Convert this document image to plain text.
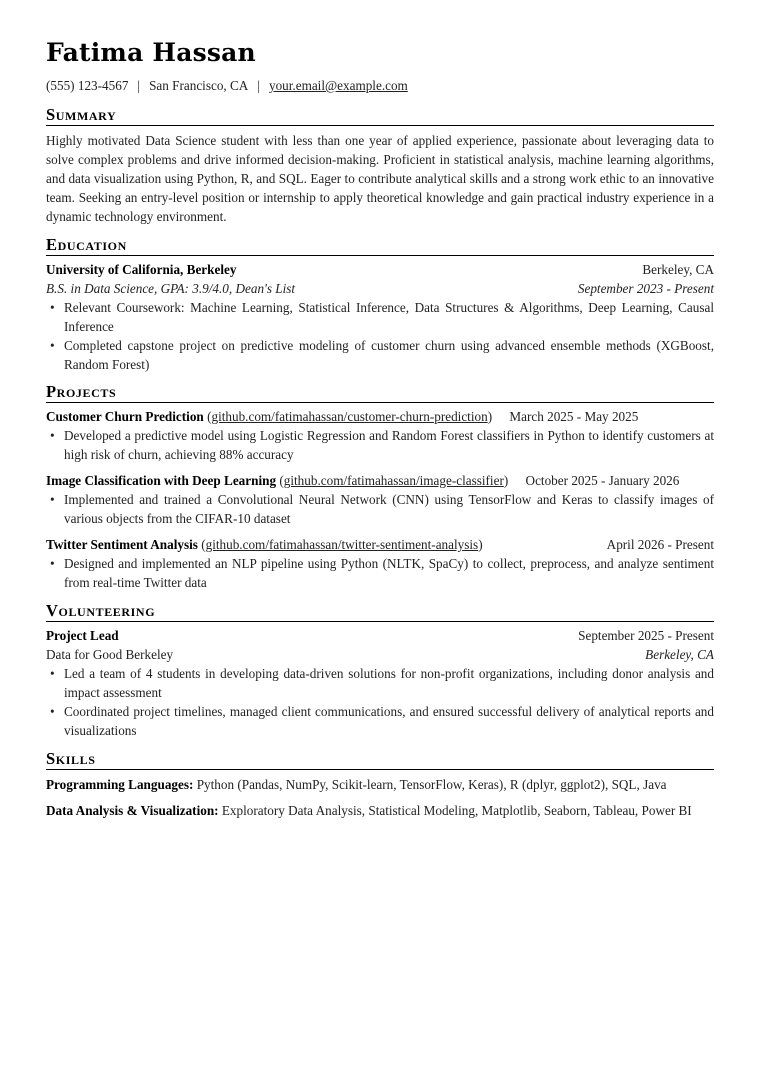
Fatima Hassan
(555) 123-4567 | San Francisco, CA | your.email@example.com
Summary
Highly motivated Data Science student with less than one year of applied experience, passionate about leveraging data to solve complex problems and drive informed decision-making. Proficient in statistical analysis, machine learning algorithms, and data visualization using Python, R, and SQL. Eager to contribute analytical skills and a strong work ethic to an innovative team. Seeking an entry-level position or internship to apply theoretical knowledge and gain practical industry experience in a dynamic technology environment.
Education
University of California, Berkeley	Berkeley, CA
B.S. in Data Science, GPA: 3.9/4.0, Dean's List	September 2023 - Present
• Relevant Coursework: Machine Learning, Statistical Inference, Data Structures & Algorithms, Deep Learning, Causal Inference
• Completed capstone project on predictive modeling of customer churn using advanced ensemble methods (XGBoost, Random Forest)
Projects
Customer Churn Prediction (github.com/fatimahassan/customer-churn-prediction) March 2025 - May 2025
• Developed a predictive model using Logistic Regression and Random Forest classifiers in Python to identify customers at high risk of churn, achieving 88% accuracy
Image Classification with Deep Learning (github.com/fatimahassan/image-classifier) October 2025 - January 2026
• Implemented and trained a Convolutional Neural Network (CNN) using TensorFlow and Keras to classify images of various objects from the CIFAR-10 dataset
Twitter Sentiment Analysis (github.com/fatimahassan/twitter-sentiment-analysis)	April 2026 - Present
• Designed and implemented an NLP pipeline using Python (NLTK, SpaCy) to collect, preprocess, and analyze sentiment from real-time Twitter data
Volunteering
Project Lead	September 2025 - Present
Data for Good Berkeley	Berkeley, CA
• Led a team of 4 students in developing data-driven solutions for non-profit organizations, including donor analysis and impact assessment
• Coordinated project timelines, managed client communications, and ensured successful delivery of analytical reports and visualizations
Skills
Programming Languages: Python (Pandas, NumPy, Scikit-learn, TensorFlow, Keras), R (dplyr, ggplot2), SQL, Java
Data Analysis & Visualization: Exploratory Data Analysis, Statistical Modeling, Matplotlib, Seaborn, Tableau, Power BI
